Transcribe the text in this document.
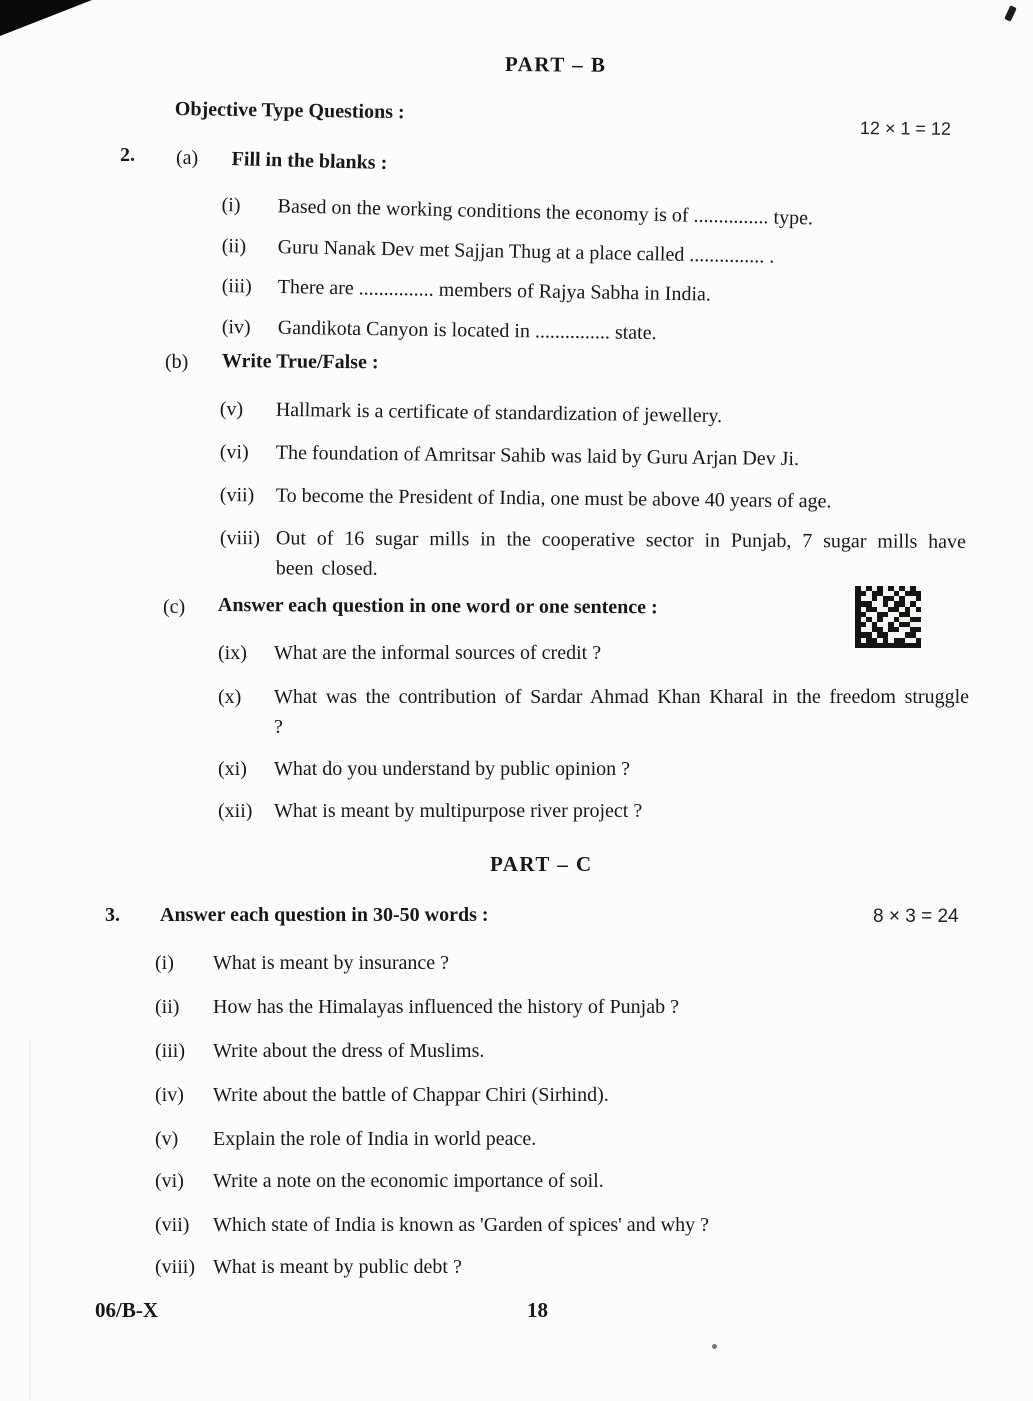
PART – B
Objective Type Questions :
12 × 1 = 12
2. (a) Fill in the blanks :
(i)	Based on the working conditions the economy is of ............... type.
(ii)	Guru Nanak Dev met Sajjan Thug at a place called ............... .
(iii)	There are ............... members of Rajya Sabha in India.
(iv)	Gandikota Canyon is located in ............... state.
(b) Write True/False :
(v)	Hallmark is a certificate of standardization of jewellery.
(vi)	The foundation of Amritsar Sahib was laid by Guru Arjan Dev Ji.
(vii)	To become the President of India, one must be above 40 years of age.
(viii) Out of 16 sugar mills in the cooperative sector in Punjab, 7 sugar mills have been closed.
(c) Answer each question in one word or one sentence :
(ix)	What are the informal sources of credit ?
(x)	What was the contribution of Sardar Ahmad Khan Kharal in the freedom struggle ?
(xi)	What do you understand by public opinion ?
(xii)	What is meant by multipurpose river project ?
PART – C
3. Answer each question in 30-50 words :	8 × 3 = 24
(i)	What is meant by insurance ?
(ii)	How has the Himalayas influenced the history of Punjab ?
(iii)	Write about the dress of Muslims.
(iv)	Write about the battle of Chappar Chiri (Sirhind).
(v)	Explain the role of India in world peace.
(vi)	Write a note on the economic importance of soil.
(vii)	Which state of India is known as 'Garden of spices' and why ?
(viii) What is meant by public debt ?
06/B-X	18
